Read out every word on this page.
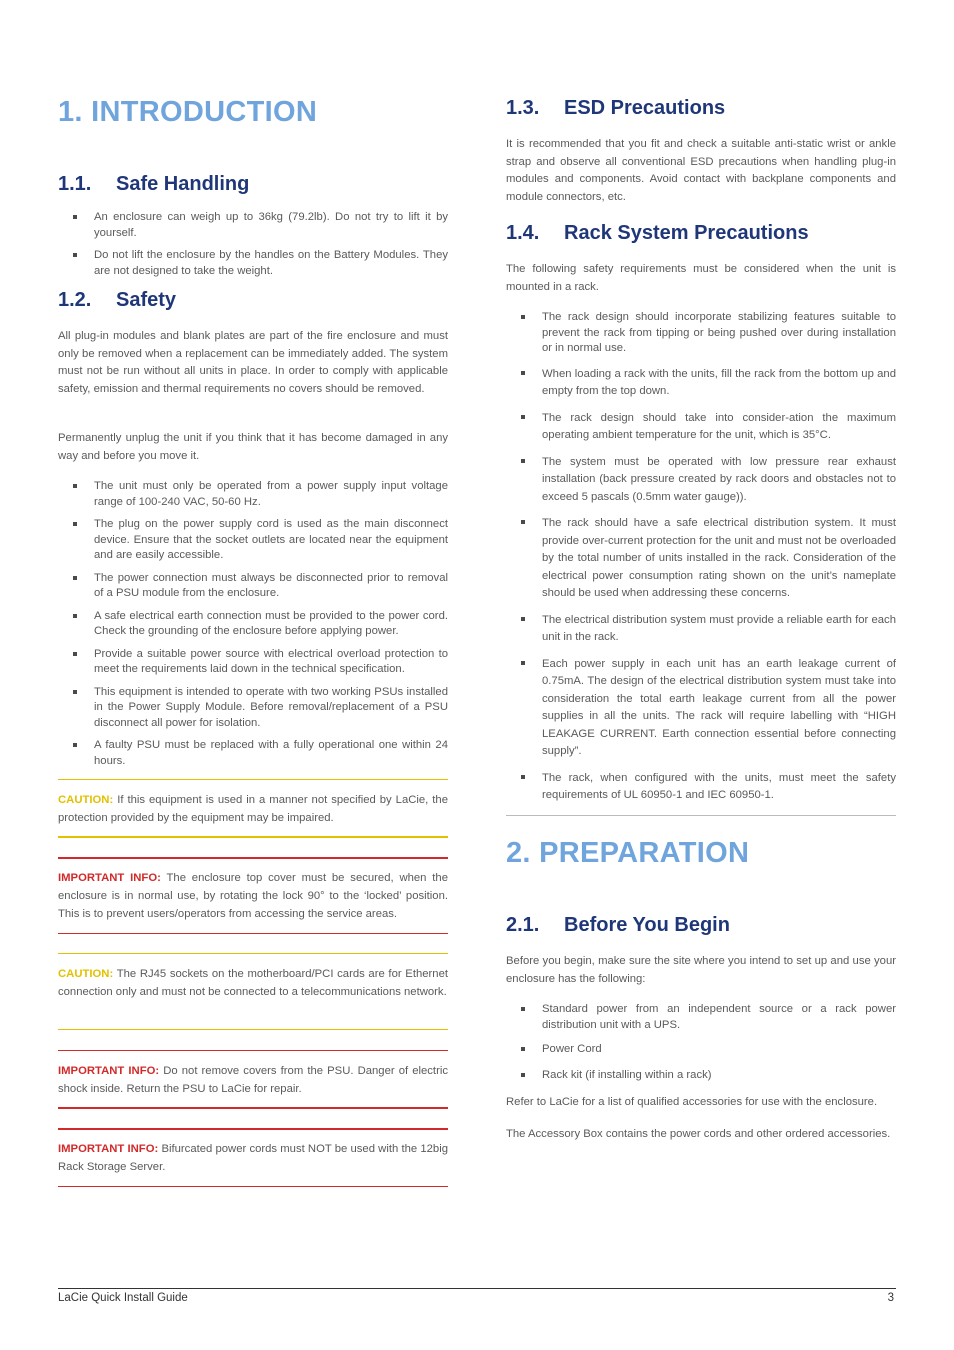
1. INTRODUCTION
1.1. Safe Handling
An enclosure can weigh up to 36kg (79.2lb). Do not try to lift it by yourself.
Do not lift the enclosure by the handles on the Battery Modules. They are not designed to take the weight.
1.2. Safety

All plug-in modules and blank plates are part of the fire enclosure and must only be removed when a replacement can be immediately added. The system must not be run without all units in place. In order to comply with applicable safety, emission and thermal requirements no covers should be removed.

Permanently unplug the unit if you think that it has become damaged in any way and before you move it.

The unit must only be operated from a power supply input voltage range of 100-240 VAC, 50-60 Hz.
The plug on the power supply cord is used as the main disconnect device. Ensure that the socket outlets are located near the equipment and are easily accessible.
The power connection must always be disconnected prior to removal of a PSU module from the enclosure.
A safe electrical earth connection must be provided to the power cord. Check the grounding of the enclosure before applying power.
Provide a suitable power source with electrical overload protection to meet the requirements laid down in the technical specification.
This equipment is intended to operate with two working PSUs installed in the Power Supply Module. Before removal/replacement of a PSU disconnect all power for isolation.
A faulty PSU must be replaced with a fully operational one within 24 hours.

CAUTION: If this equipment is used in a manner not specified by LaCie, the protection provided by the equipment may be impaired.

IMPORTANT INFO: The enclosure top cover must be secured, when the enclosure is in normal use, by rotating the lock 90° to the ‘locked’ position. This is to prevent users/operators from accessing the service areas.

CAUTION: The RJ45 sockets on the motherboard/PCI cards are for Ethernet connection only and must not be connected to a telecommunications network.

IMPORTANT INFO: Do not remove covers from the PSU. Danger of electric shock inside. Return the PSU to LaCie for repair.

IMPORTANT INFO: Bifurcated power cords must NOT be used with the 12big Rack Storage Server.

1.3. ESD Precautions

It is recommended that you fit and check a suitable anti-static wrist or ankle strap and observe all conventional ESD precautions when handling plug-in modules and components. Avoid contact with backplane components and module connectors, etc.

1.4. Rack System Precautions

The following safety requirements must be considered when the unit is mounted in a rack.

The rack design should incorporate stabilizing features suitable to prevent the rack from tipping or being pushed over during installation or in normal use.
When loading a rack with the units, fill the rack from the bottom up and empty from the top down.
The rack design should take into consider-ation the maximum operating ambient temperature for the unit, which is 35°C.
The system must be operated with low pressure rear exhaust installation (back pressure created by rack doors and obstacles not to exceed 5 pascals (0.5mm water gauge)).
The rack should have a safe electrical distribution system. It must provide over-current protection for the unit and must not be overloaded by the total number of units installed in the rack. Consideration of the electrical power consumption rating shown on the unit’s nameplate should be used when addressing these concerns.
The electrical distribution system must provide a reliable earth for each unit in the rack.
Each power supply in each unit has an earth leakage current of 0.75mA. The design of the electrical distribution system must take into consideration the total earth leakage current from all the power supplies in all the units. The rack will require labelling with “HIGH LEAKAGE CURRENT. Earth connection essential before connecting supply”.
The rack, when configured with the units, must meet the safety requirements of UL 60950-1 and IEC 60950-1.
2. PREPARATION
2.1. Before You Begin

Before you begin, make sure the site where you intend to set up and use your enclosure has the following:

Standard power from an independent source or a rack power distribution unit with a UPS.
Power Cord
Rack kit (if installing within a rack)

Refer to LaCie for a list of qualified accessories for use with the enclosure.

The Accessory Box contains the power cords and other ordered accessories.

LaCie Quick Install Guide	3
